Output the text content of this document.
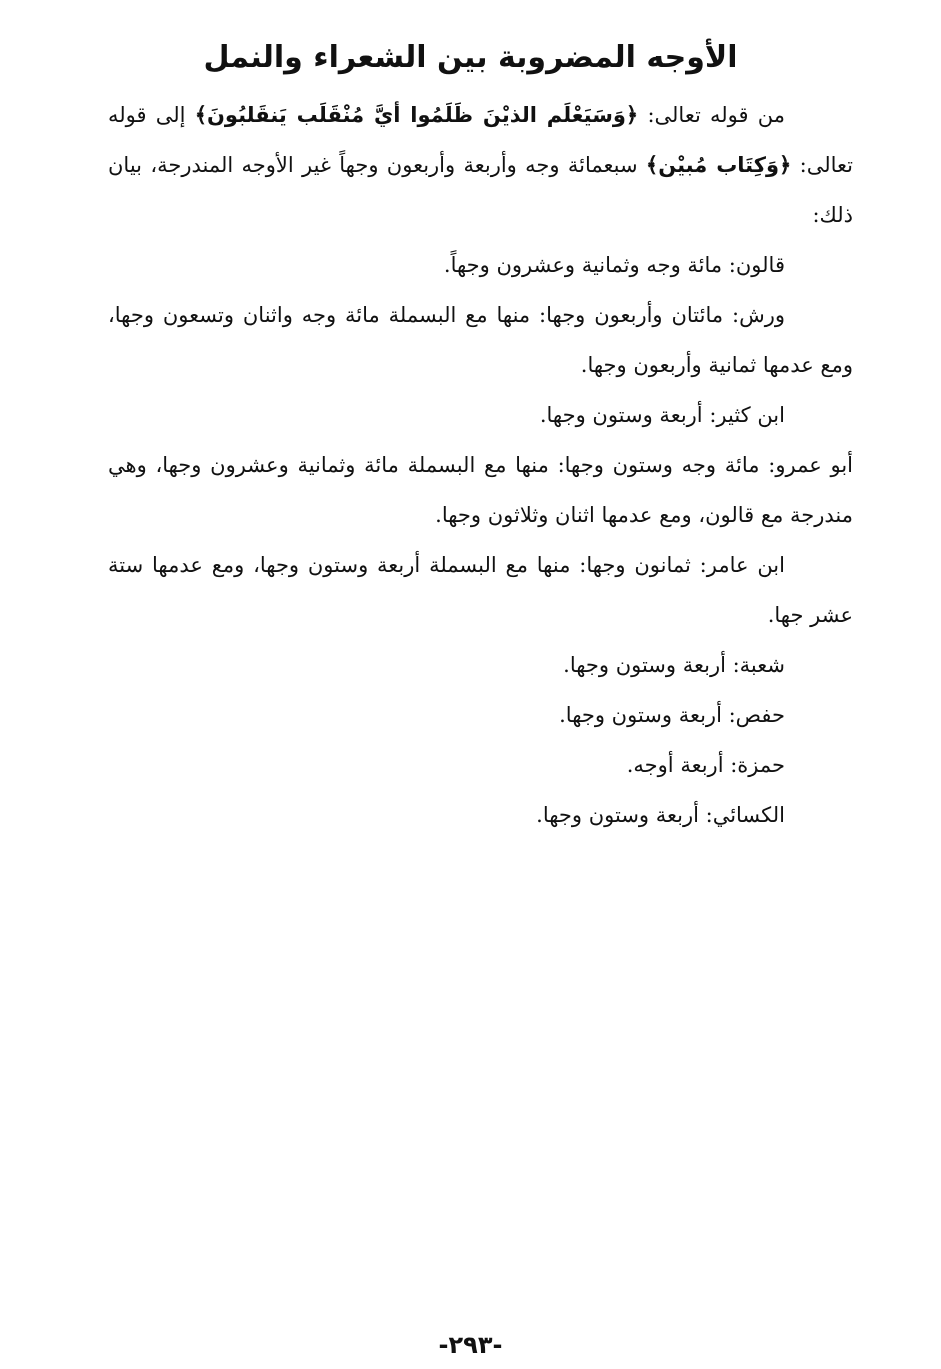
الأوجه المضروبة بين الشعراء والنمل

من قوله تعالى: ﴿وَسَيَعْلَم الذيْنَ ظَلَمُوا أيَّ مُنْقَلَب يَنقَلبُونَ﴾ إلى قوله تعالى: ﴿وَكِتَاب مُبيْن﴾ سبعمائة وجه وأربعة وأربعون وجهاً غير الأوجه المندرجة، بيان ذلك:

قالون: مائة وجه وثمانية وعشرون وجهاً.

ورش: مائتان وأربعون وجها: منها مع البسملة مائة وجه واثنان وتسعون وجها، ومع عدمها ثمانية وأربعون وجها.

ابن كثير: أربعة وستون وجها.

أبو عمرو: مائة وجه وستون وجها: منها مع البسملة مائة وثمانية وعشرون وجها، وهي مندرجة مع قالون، ومع عدمها اثنان وثلاثون وجها.

ابن عامر: ثمانون وجها: منها مع البسملة أربعة وستون وجها، ومع عدمها ستة عشر جها.

شعبة: أربعة وستون وجها.

حفص: أربعة وستون وجها.

حمزة: أربعة أوجه.

الكسائي: أربعة وستون وجها.

-٢٩٣-
